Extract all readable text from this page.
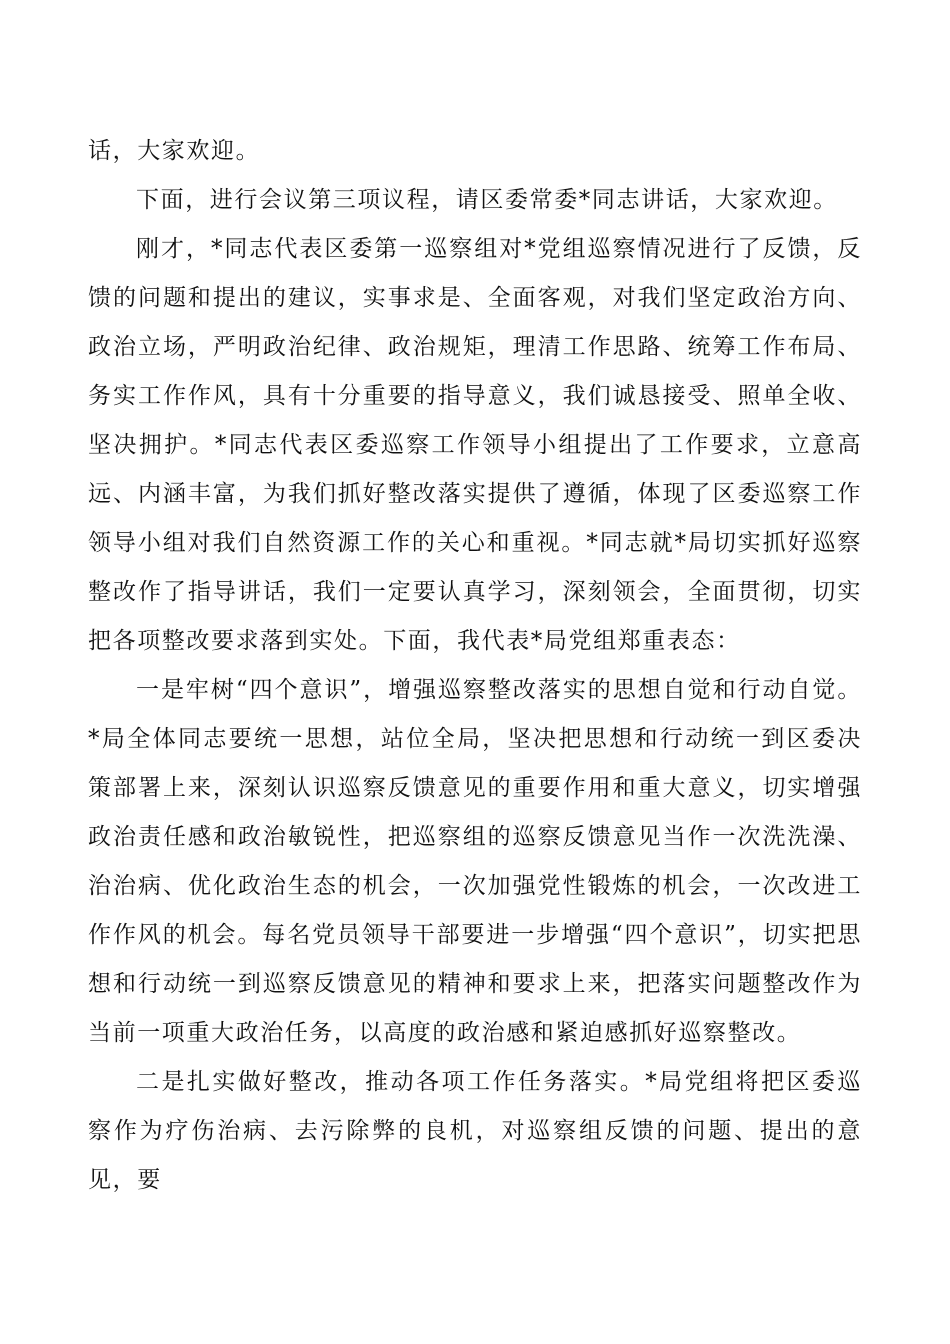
话，大家欢迎。

下面，进行会议第三项议程，请区委常委*同志讲话，大家欢迎。

刚才，*同志代表区委第一巡察组对*党组巡察情况进行了反馈，反馈的问题和提出的建议，实事求是、全面客观，对我们坚定政治方向、政治立场，严明政治纪律、政治规矩，理清工作思路、统筹工作布局、务实工作作风，具有十分重要的指导意义，我们诚恳接受、照单全收、坚决拥护。*同志代表区委巡察工作领导小组提出了工作要求，立意高远、内涵丰富，为我们抓好整改落实提供了遵循，体现了区委巡察工作领导小组对我们自然资源工作的关心和重视。*同志就*局切实抓好巡察整改作了指导讲话，我们一定要认真学习，深刻领会，全面贯彻，切实把各项整改要求落到实处。下面，我代表*局党组郑重表态：

一是牢树“四个意识”，增强巡察整改落实的思想自觉和行动自觉。*局全体同志要统一思想，站位全局，坚决把思想和行动统一到区委决策部署上来，深刻认识巡察反馈意见的重要作用和重大意义，切实增强政治责任感和政治敏锐性，把巡察组的巡察反馈意见当作一次洗洗澡、治治病、优化政治生态的机会，一次加强党性锻炼的机会，一次改进工作作风的机会。每名党员领导干部要进一步增强“四个意识”，切实把思想和行动统一到巡察反馈意见的精神和要求上来，把落实问题整改作为当前一项重大政治任务，以高度的政治感和紧迫感抓好巡察整改。

二是扎实做好整改，推动各项工作任务落实。*局党组将把区委巡察作为疗伤治病、去污除弊的良机，对巡察组反馈的问题、提出的意见，要
